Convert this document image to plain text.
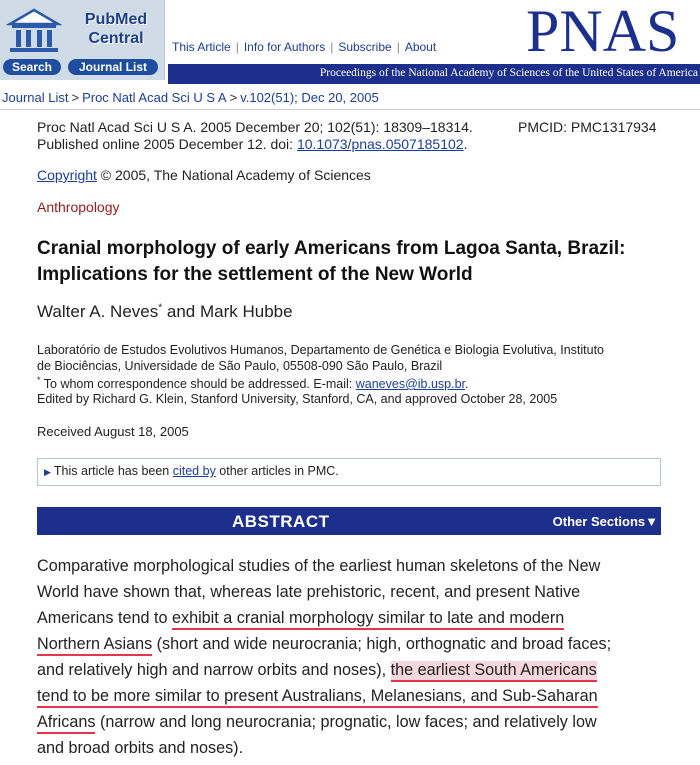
PubMed
Central
Search	Journal List
This Article | Info for Authors | Subscribe | About PNAS
Proceedings of the National Academy of Sciences of the United States of America
Journal List > Proc Natl Acad Sci U S A > v.102(51); Dec 20, 2005
Proc Natl Acad Sci U S A. 2005 December 20; 102(51): 18309–18314.	PMCID: PMC1317934
Published online 2005 December 12. doi: 10.1073/pnas.0507185102.
Copyright © 2005, The National Academy of Sciences
Anthropology
Cranial morphology of early Americans from Lagoa Santa, Brazil: Implications for the settlement of the New World
Walter A. Neves* and Mark Hubbe
Laboratório de Estudos Evolutivos Humanos, Departamento de Genética e Biologia Evolutiva, Instituto
de Biociências, Universidade de São Paulo, 05508-090 São Paulo, Brazil
* To whom correspondence should be addressed. E-mail: waneves@ib.usp.br.
Edited by Richard G. Klein, Stanford University, Stanford, CA, and approved October 28, 2005
Received August 18, 2005
▶ This article has been cited by other articles in PMC.
ABSTRACT	Other Sections▼
Comparative morphological studies of the earliest human skeletons of the New
World have shown that, whereas late prehistoric, recent, and present Native
Americans tend to exhibit a cranial morphology similar to late and modern
Northern Asians (short and wide neurocrania; high, orthognatic and broad faces;
and relatively high and narrow orbits and noses), the earliest South Americans
tend to be more similar to present Australians, Melanesians, and Sub-Saharan
Africans (narrow and long neurocrania; prognatic, low faces; and relatively low
and broad orbits and noses).
